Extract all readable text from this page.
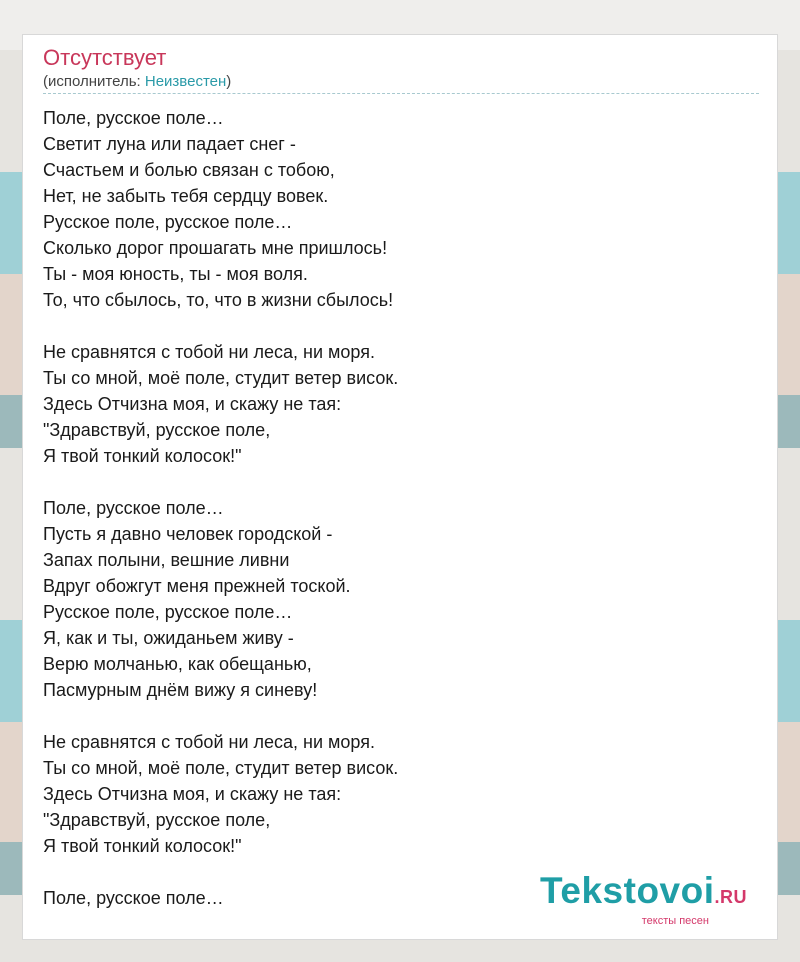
Отсутствует
(исполнитель: Неизвестен)
Поле, русское поле…
Светит луна или падает снег -
Счастьем и болью связан с тобою,
Нет, не забыть тебя сердцу вовек.
Русское поле, русское поле…
Сколько дорог прошагать мне пришлось!
Ты - моя юность, ты - моя воля.
То, что сбылось, то, что в жизни сбылось!
Не сравнятся с тобой ни леса, ни моря.
Ты со мной, моё поле, студит ветер висок.
Здесь Отчизна моя, и скажу не тая:
"Здравствуй, русское поле,
Я твой тонкий колосок!"
Поле, русское поле…
Пусть я давно человек городской -
Запах полыни, вешние ливни
Вдруг обожгут меня прежней тоской.
Русское поле, русское поле…
Я, как и ты, ожиданьем живу -
Верю молчанью, как обещанью,
Пасмурным днём вижу я синеву!
Не сравнятся с тобой ни леса, ни моря.
Ты со мной, моё поле, студит ветер висок.
Здесь Отчизна моя, и скажу не тая:
"Здравствуй, русское поле,
Я твой тонкий колосок!"
Поле, русское поле…	Tekstovoi.RU
тексты песен
